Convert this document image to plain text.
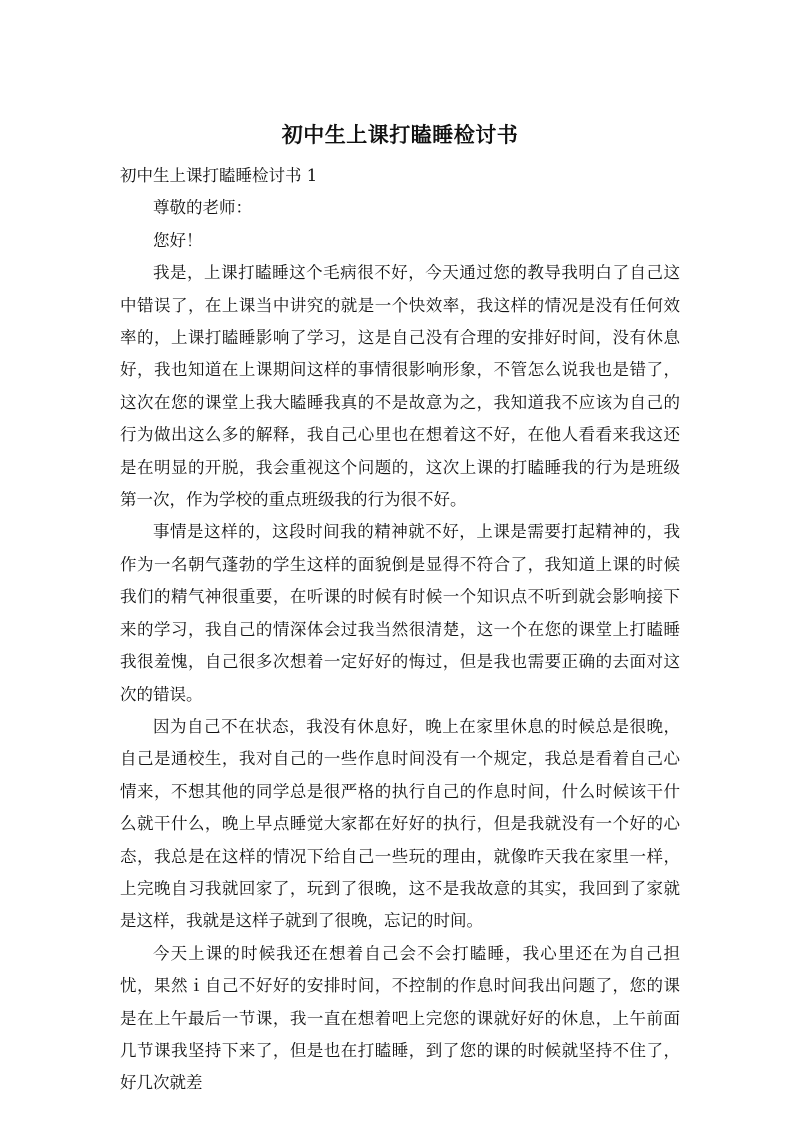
初中生上课打瞌睡检讨书

初中生上课打瞌睡检讨书 1

尊敬的老师：

您好！

我是，上课打瞌睡这个毛病很不好，今天通过您的教导我明白了自己这中错误了，在上课当中讲究的就是一个快效率，我这样的情况是没有任何效率的，上课打瞌睡影响了学习，这是自己没有合理的安排好时间，没有休息好，我也知道在上课期间这样的事情很影响形象，不管怎么说我也是错了，这次在您的课堂上我大瞌睡我真的不是故意为之，我知道我不应该为自己的行为做出这么多的解释，我自己心里也在想着这不好，在他人看看来我这还是在明显的开脱，我会重视这个问题的，这次上课的打瞌睡我的行为是班级第一次，作为学校的重点班级我的行为很不好。

事情是这样的，这段时间我的精神就不好，上课是需要打起精神的，我作为一名朝气蓬勃的学生这样的面貌倒是显得不符合了，我知道上课的时候我们的精气神很重要，在听课的时候有时候一个知识点不听到就会影响接下来的学习，我自己的情深体会过我当然很清楚，这一个在您的课堂上打瞌睡我很羞愧，自己很多次想着一定好好的悔过，但是我也需要正确的去面对这次的错误。

因为自己不在状态，我没有休息好，晚上在家里休息的时候总是很晚，自己是通校生，我对自己的一些作息时间没有一个规定，我总是看着自己心情来，不想其他的同学总是很严格的执行自己的作息时间，什么时候该干什么就干什么，晚上早点睡觉大家都在好好的执行，但是我就没有一个好的心态，我总是在这样的情况下给自己一些玩的理由，就像昨天我在家里一样，上完晚自习我就回家了，玩到了很晚，这不是我故意的其实，我回到了家就是这样，我就是这样子就到了很晚，忘记的时间。

今天上课的时候我还在想着自己会不会打瞌睡，我心里还在为自己担忧，果然ｉ自己不好好的安排时间，不控制的作息时间我出问题了，您的课是在上午最后一节课，我一直在想着吧上完您的课就好好的休息，上午前面几节课我坚持下来了，但是也在打瞌睡，到了您的课的时候就坚持不住了，好几次就差
